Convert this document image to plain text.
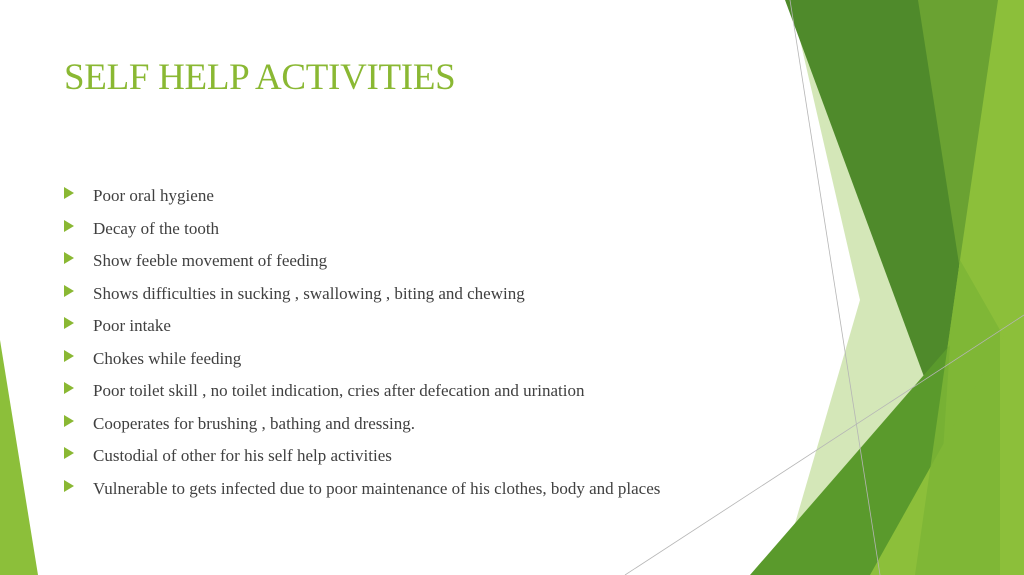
SELF HELP ACTIVITIES
Poor oral hygiene
Decay of the tooth
Show feeble movement of feeding
Shows difficulties in sucking , swallowing , biting and chewing
Poor intake
Chokes while feeding
Poor toilet skill , no toilet indication, cries after defecation and urination
Cooperates for brushing , bathing and dressing.
Custodial of other for his self help activities
Vulnerable to gets infected due to poor maintenance of his clothes, body and places
